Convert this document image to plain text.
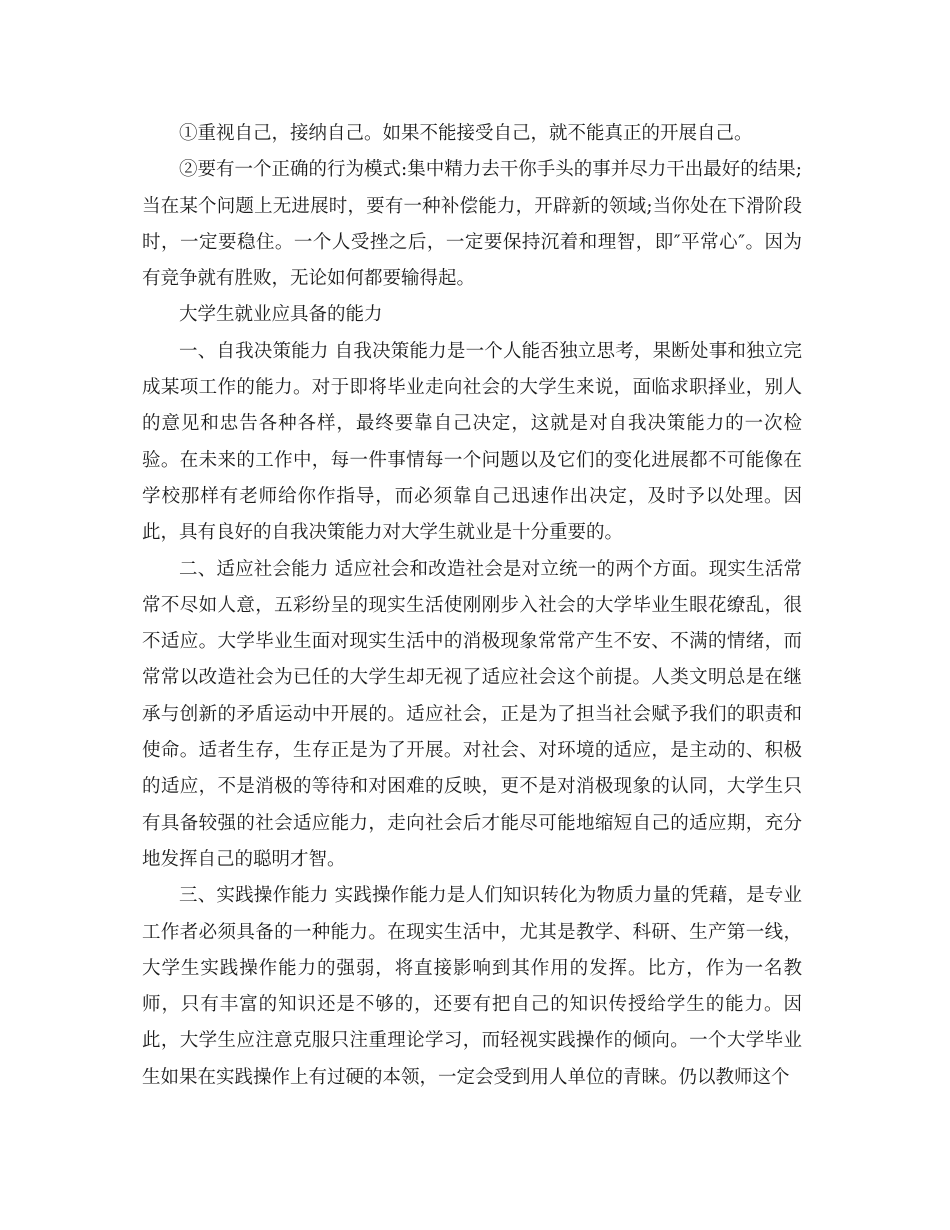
①重视自己，接纳自己。如果不能接受自己，就不能真正的开展自己。

②要有一个正确的行为模式:集中精力去干你手头的事并尽力干出最好的结果;当在某个问题上无进展时，要有一种补偿能力，开辟新的领域;当你处在下滑阶段时，一定要稳住。一个人受挫之后，一定要保持沉着和理智，即″平常心″。因为有竞争就有胜败，无论如何都要输得起。

大学生就业应具备的能力

一、自我决策能力 自我决策能力是一个人能否独立思考，果断处事和独立完成某项工作的能力。对于即将毕业走向社会的大学生来说，面临求职择业，别人的意见和忠告各种各样，最终要靠自己决定，这就是对自我决策能力的一次检验。在未来的工作中，每一件事情每一个问题以及它们的变化进展都不可能像在学校那样有老师给你作指导，而必须靠自己迅速作出决定，及时予以处理。因此，具有良好的自我决策能力对大学生就业是十分重要的。

二、适应社会能力 适应社会和改造社会是对立统一的两个方面。现实生活常常不尽如人意，五彩纷呈的现实生活使刚刚步入社会的大学毕业生眼花缭乱，很不适应。大学毕业生面对现实生活中的消极现象常常产生不安、不满的情绪，而常常以改造社会为已任的大学生却无视了适应社会这个前提。人类文明总是在继承与创新的矛盾运动中开展的。适应社会，正是为了担当社会赋予我们的职责和使命。适者生存，生存正是为了开展。对社会、对环境的适应，是主动的、积极的适应，不是消极的等待和对困难的反映，更不是对消极现象的认同，大学生只有具备较强的社会适应能力，走向社会后才能尽可能地缩短自己的适应期，充分地发挥自己的聪明才智。

三、实践操作能力 实践操作能力是人们知识转化为物质力量的凭藉，是专业工作者必须具备的一种能力。在现实生活中，尤其是教学、科研、生产第一线，大学生实践操作能力的强弱，将直接影响到其作用的发挥。比方，作为一名教师，只有丰富的知识还是不够的，还要有把自己的知识传授给学生的能力。因此，大学生应注意克服只注重理论学习，而轻视实践操作的倾向。一个大学毕业生如果在实践操作上有过硬的本领，一定会受到用人单位的青睐。仍以教师这个
